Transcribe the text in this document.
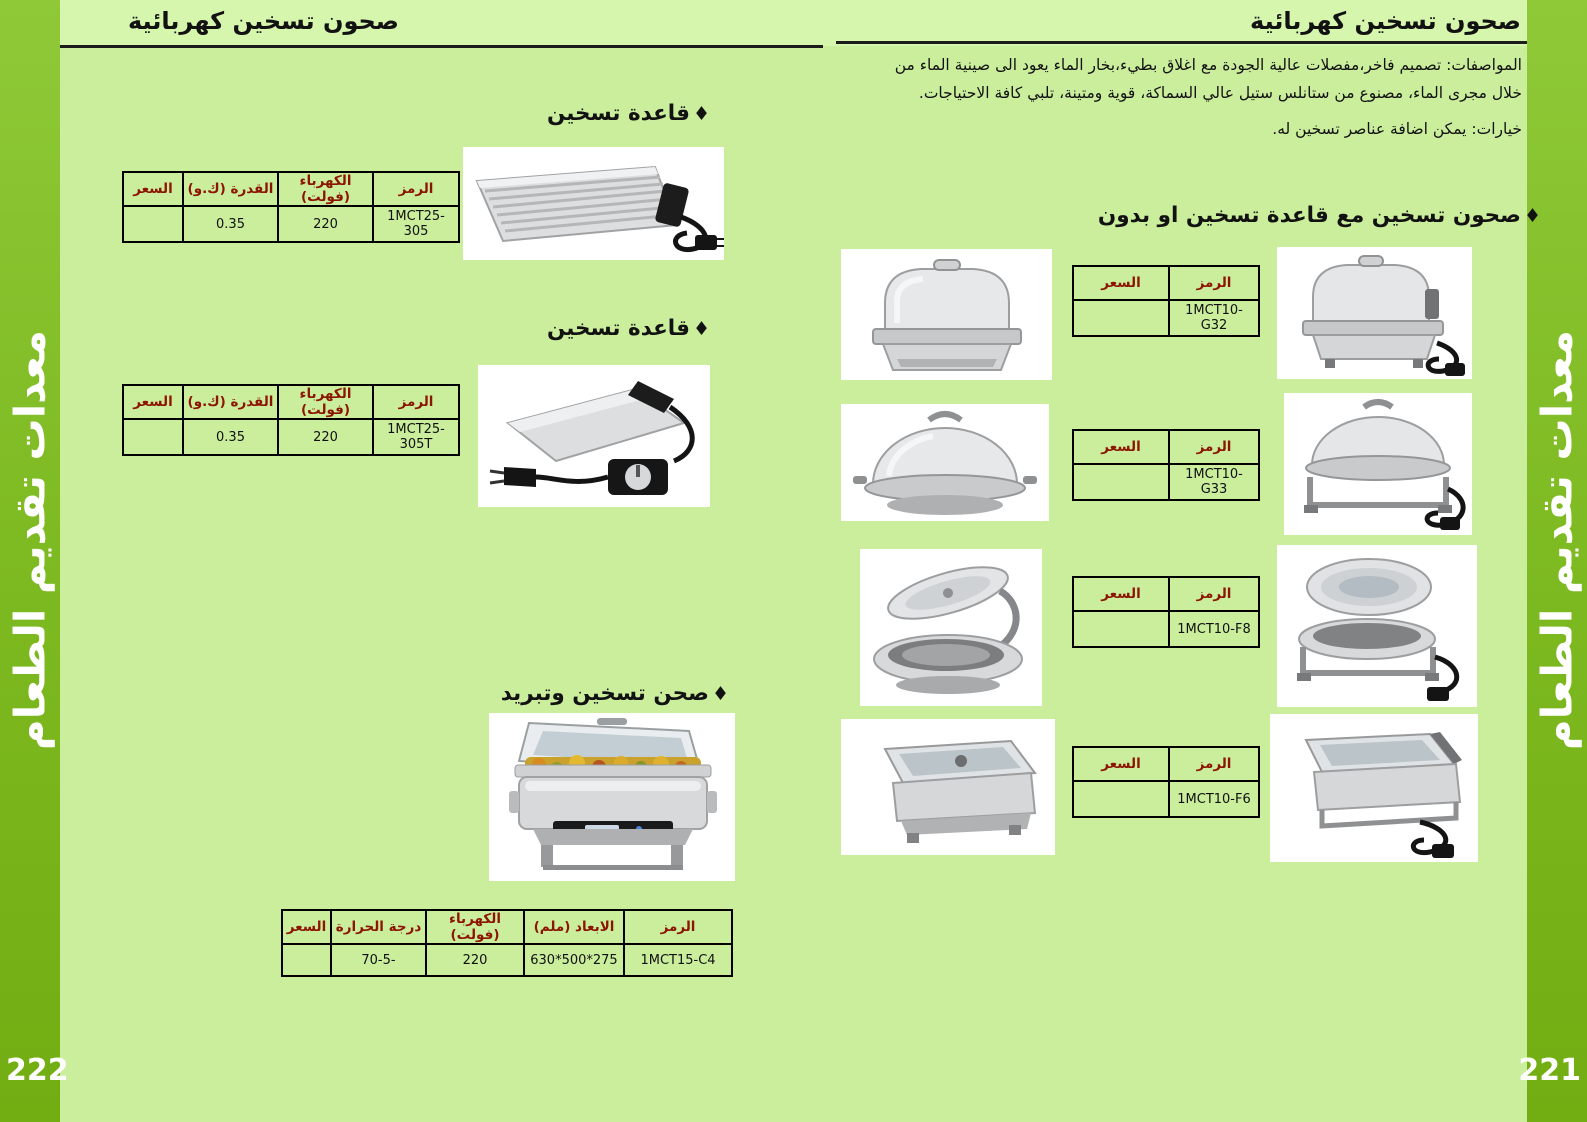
صحون تسخين كهربائية	صحون تسخين كهربائية
معدات تقديم الطعام
222
معدات تقديم الطعام
221
المواصفات: تصميم فاخر،مفصلات عالية الجودة مع اغلاق بطيء،بخار الماء يعود الى صينية الماء من خلال مجرى الماء، مصنوع من ستانلس ستيل عالي السماكة، قوية ومتينة، تلبي كافة الاحتياجات.
خيارات: يمكن اضافة عناصر تسخين له.
♦صحون تسخين مع قاعدة تسخين او بدون
♦قاعدة تسخين
♦قاعدة تسخين
♦صحن تسخين وتبريد
الرمز	الكهرباء (فولت)	القدرة (ك.و)	السعر
1MCT25-305	220	0.35	
الرمز	الكهرباء (فولت)	القدرة (ك.و)	السعر
1MCT25-305T	220	0.35	
الرمز	الابعاد (ملم)	الكهرباء (فولت)	درجة الحرارة	السعر
1MCT15-C4	630*500*275	220	70-5-	
الرمز	السعر
1MCT10-G32	
الرمز	السعر
1MCT10-G33	
الرمز	السعر
1MCT10-F8	
الرمز	السعر
1MCT10-F6	
